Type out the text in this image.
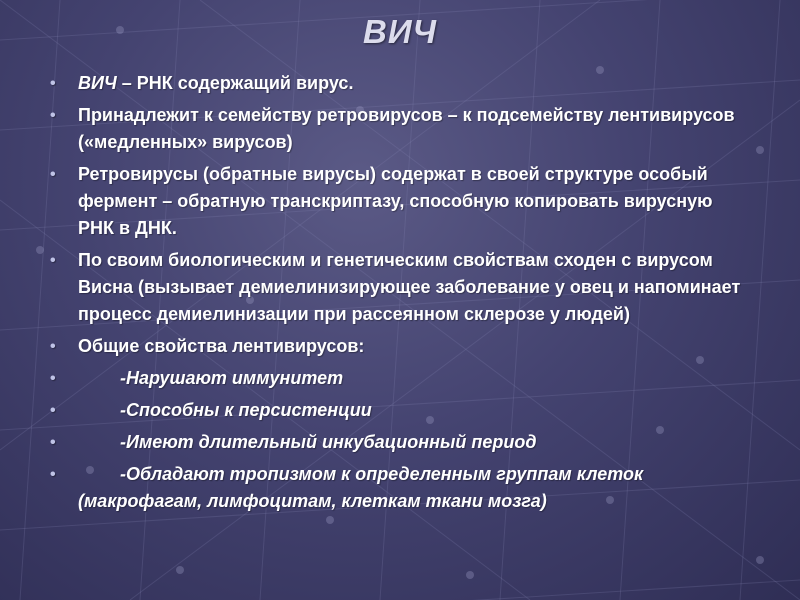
ВИЧ
•	ВИЧ – РНК содержащий вирус.
•	Принадлежит к семейству ретровирусов – к подсемейству лентивирусов («медленных» вирусов)
•	Ретровирусы (обратные вирусы) содержат в своей структуре особый фермент – обратную транскриптазу, способную копировать вирусную РНК в ДНК.
•	По своим биологическим и генетическим свойствам сходен с вирусом Висна (вызывает демиелинизирующее заболевание у овец и напоминает процесс демиелинизации при рассеянном склерозе у людей)
•	Общие свойства лентивирусов:
•	-Нарушают иммунитет
•	-Способны к персистенции
•	-Имеют длительный инкубационный период
•	-Обладают тропизмом к определенным группам клеток (макрофагам, лимфоцитам, клеткам ткани мозга)
